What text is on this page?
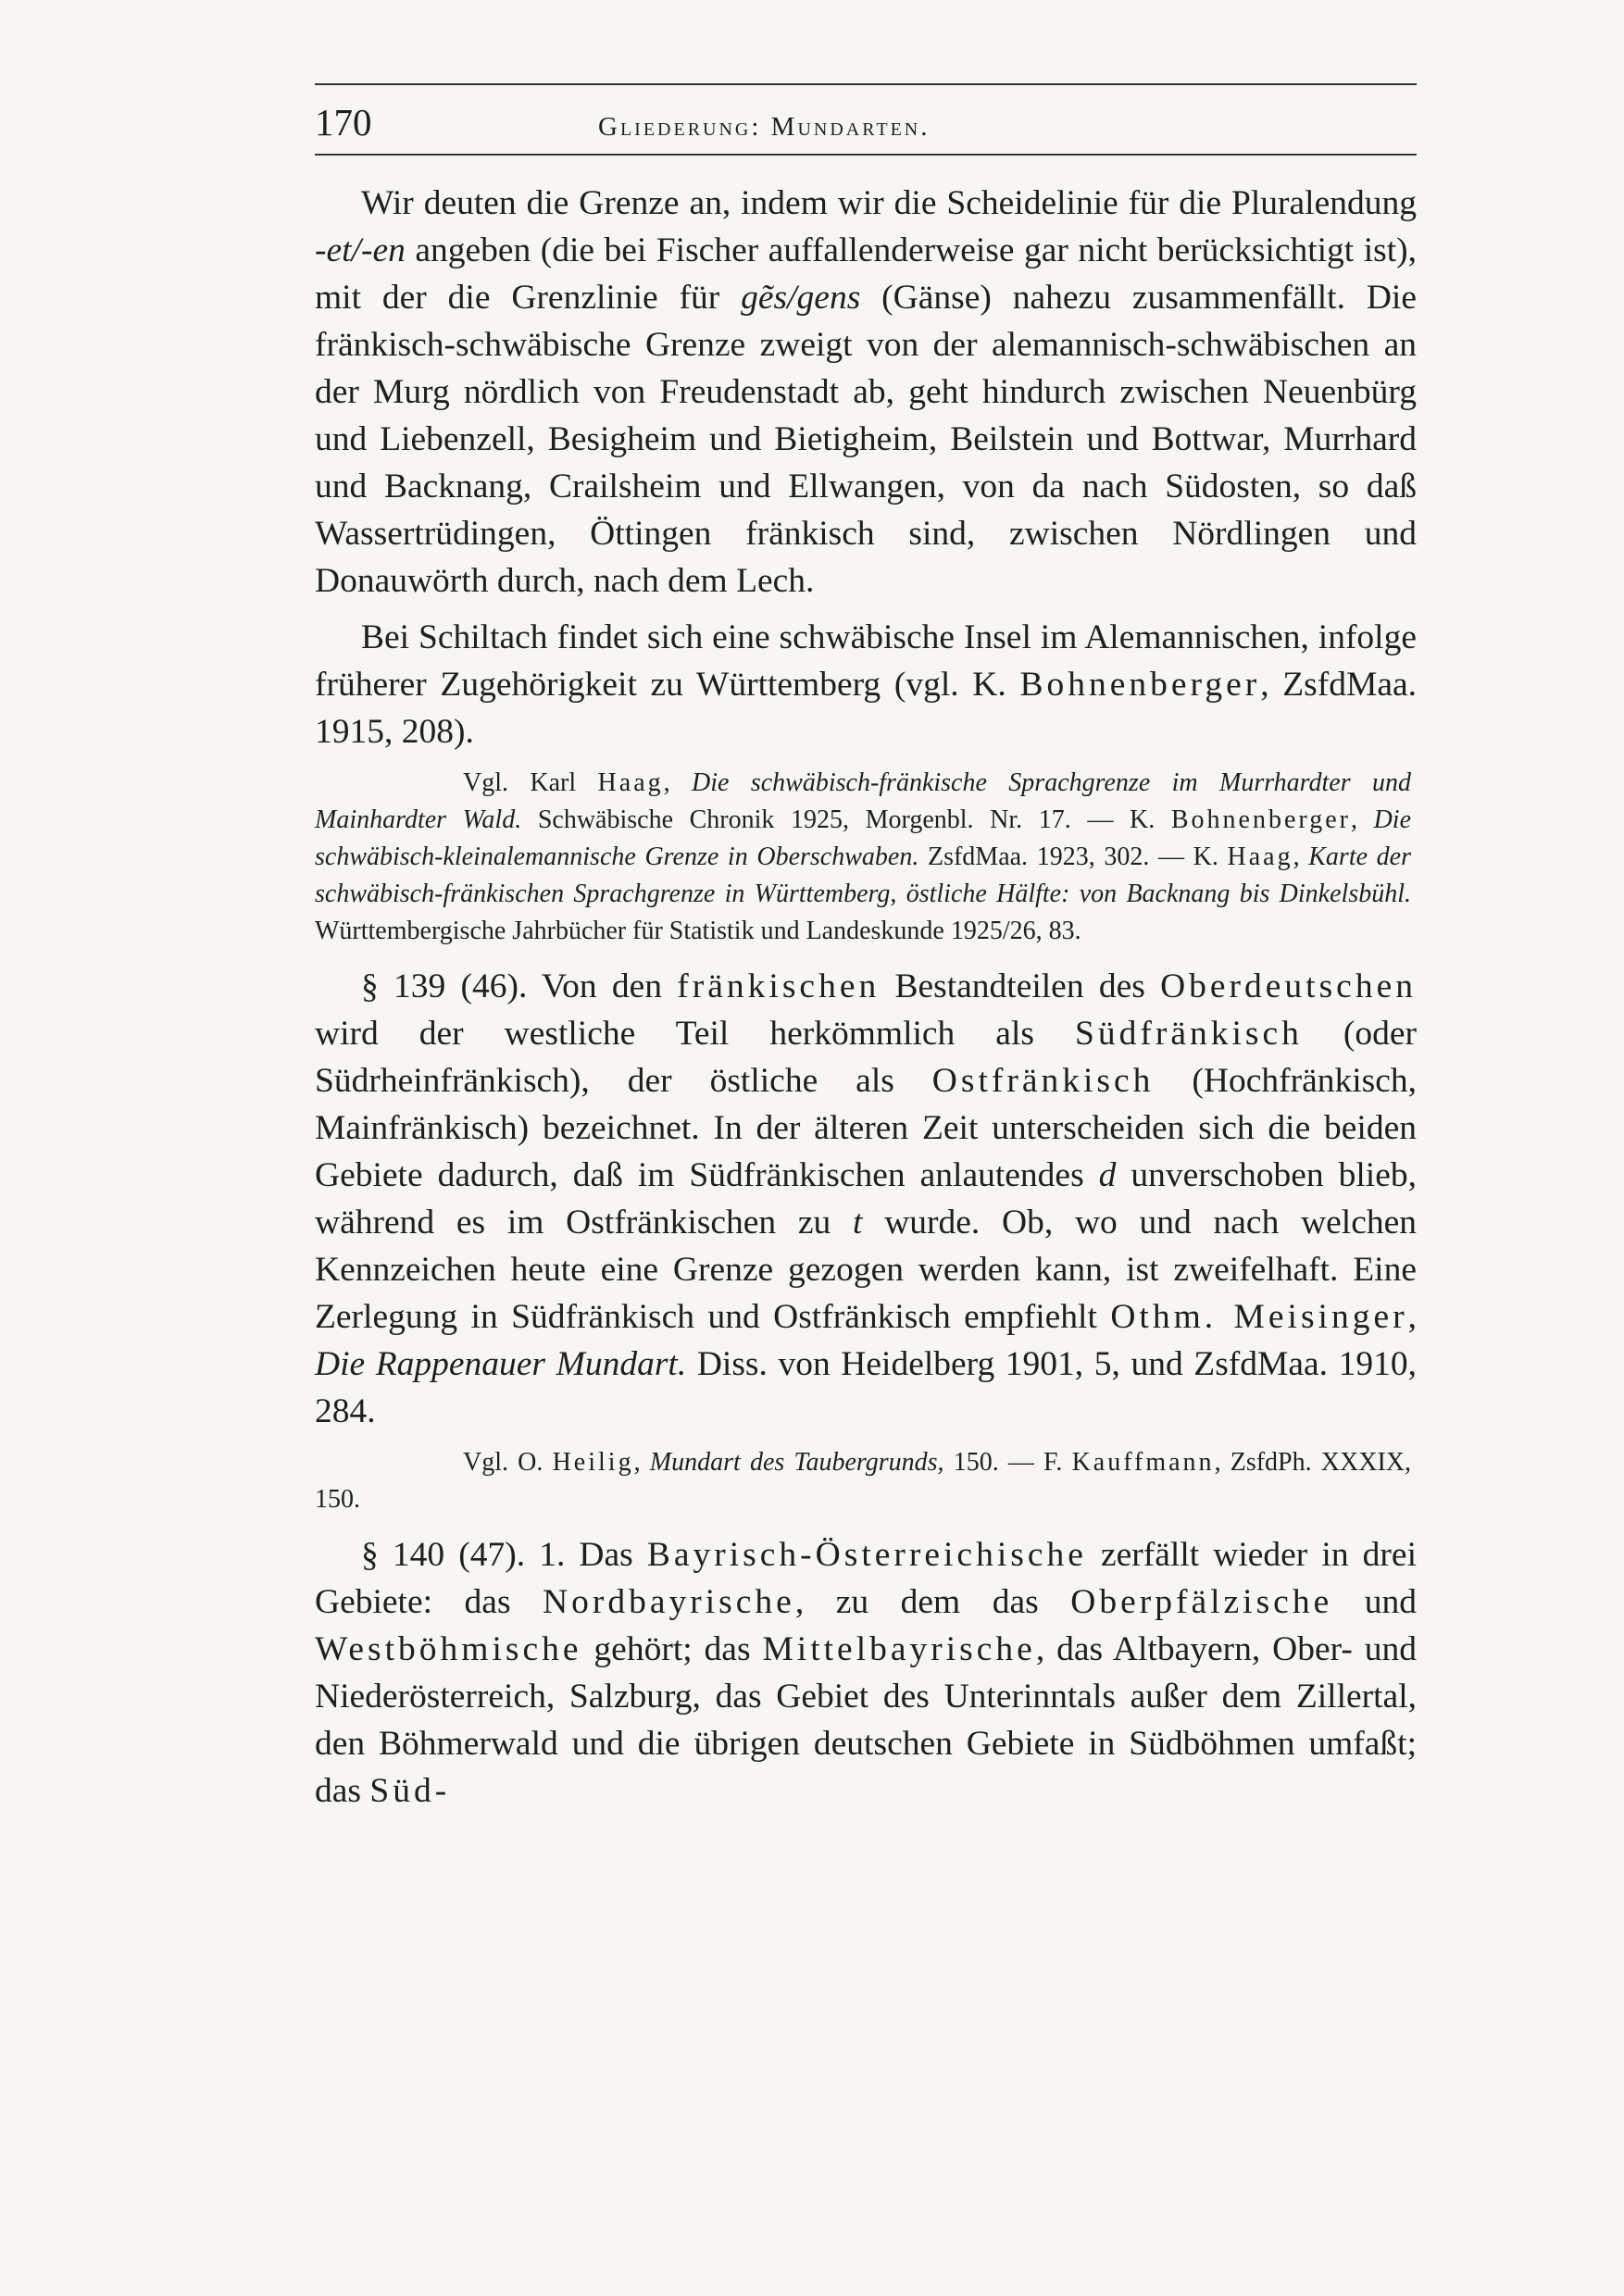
170	Gliederung: Mundarten.

Wir deuten die Grenze an, indem wir die Scheidelinie für die Pluralendung -et/-en angeben (die bei Fischer auffallenderweise gar nicht berücksichtigt ist), mit der die Grenzlinie für gẽs/gens (Gänse) nahezu zusammenfällt. Die fränkisch-schwäbische Grenze zweigt von der alemannisch-schwäbischen an der Murg nördlich von Freudenstadt ab, geht hindurch zwischen Neuenbürg und Liebenzell, Besigheim und Bietigheim, Beilstein und Bottwar, Murrhard und Backnang, Crailsheim und Ellwangen, von da nach Südosten, so daß Wassertrüdingen, Öttingen fränkisch sind, zwischen Nördlingen und Donauwörth durch, nach dem Lech.

Bei Schiltach findet sich eine schwäbische Insel im Alemannischen, infolge früherer Zugehörigkeit zu Württemberg (vgl. K. Bohnenberger, ZsfdMaa. 1915, 208).

Vgl. Karl Haag, Die schwäbisch-fränkische Sprachgrenze im Murrhardter und Mainhardter Wald. Schwäbische Chronik 1925, Morgenbl. Nr. 17. — K. Bohnenberger, Die schwäbisch-kleinalemannische Grenze in Oberschwaben. ZsfdMaa. 1923, 302. — K. Haag, Karte der schwäbisch-fränkischen Sprachgrenze in Württemberg, östliche Hälfte: von Backnang bis Dinkelsbühl. Württembergische Jahrbücher für Statistik und Landeskunde 1925/26, 83.

§ 139 (46). Von den fränkischen Bestandteilen des Oberdeutschen wird der westliche Teil herkömmlich als Südfränkisch (oder Südrheinfränkisch), der östliche als Ostfränkisch (Hochfränkisch, Mainfränkisch) bezeichnet. In der älteren Zeit unterscheiden sich die beiden Gebiete dadurch, daß im Südfränkischen anlautendes d unverschoben blieb, während es im Ostfränkischen zu t wurde. Ob, wo und nach welchen Kennzeichen heute eine Grenze gezogen werden kann, ist zweifelhaft. Eine Zerlegung in Südfränkisch und Ostfränkisch empfiehlt Othm. Meisinger, Die Rappenauer Mundart. Diss. von Heidelberg 1901, 5, und ZsfdMaa. 1910, 284.

Vgl. O. Heilig, Mundart des Taubergrunds, 150. — F. Kauffmann, ZsfdPh. XXXIX, 150.

§ 140 (47). 1. Das Bayrisch-Österreichische zerfällt wieder in drei Gebiete: das Nordbayrische, zu dem das Oberpfälzische und Westböhmische gehört; das Mittelbayrische, das Altbayern, Ober- und Niederösterreich, Salzburg, das Gebiet des Unterinntals außer dem Zillertal, den Böhmerwald und die übrigen deutschen Gebiete in Südböhmen umfaßt; das Süd-
